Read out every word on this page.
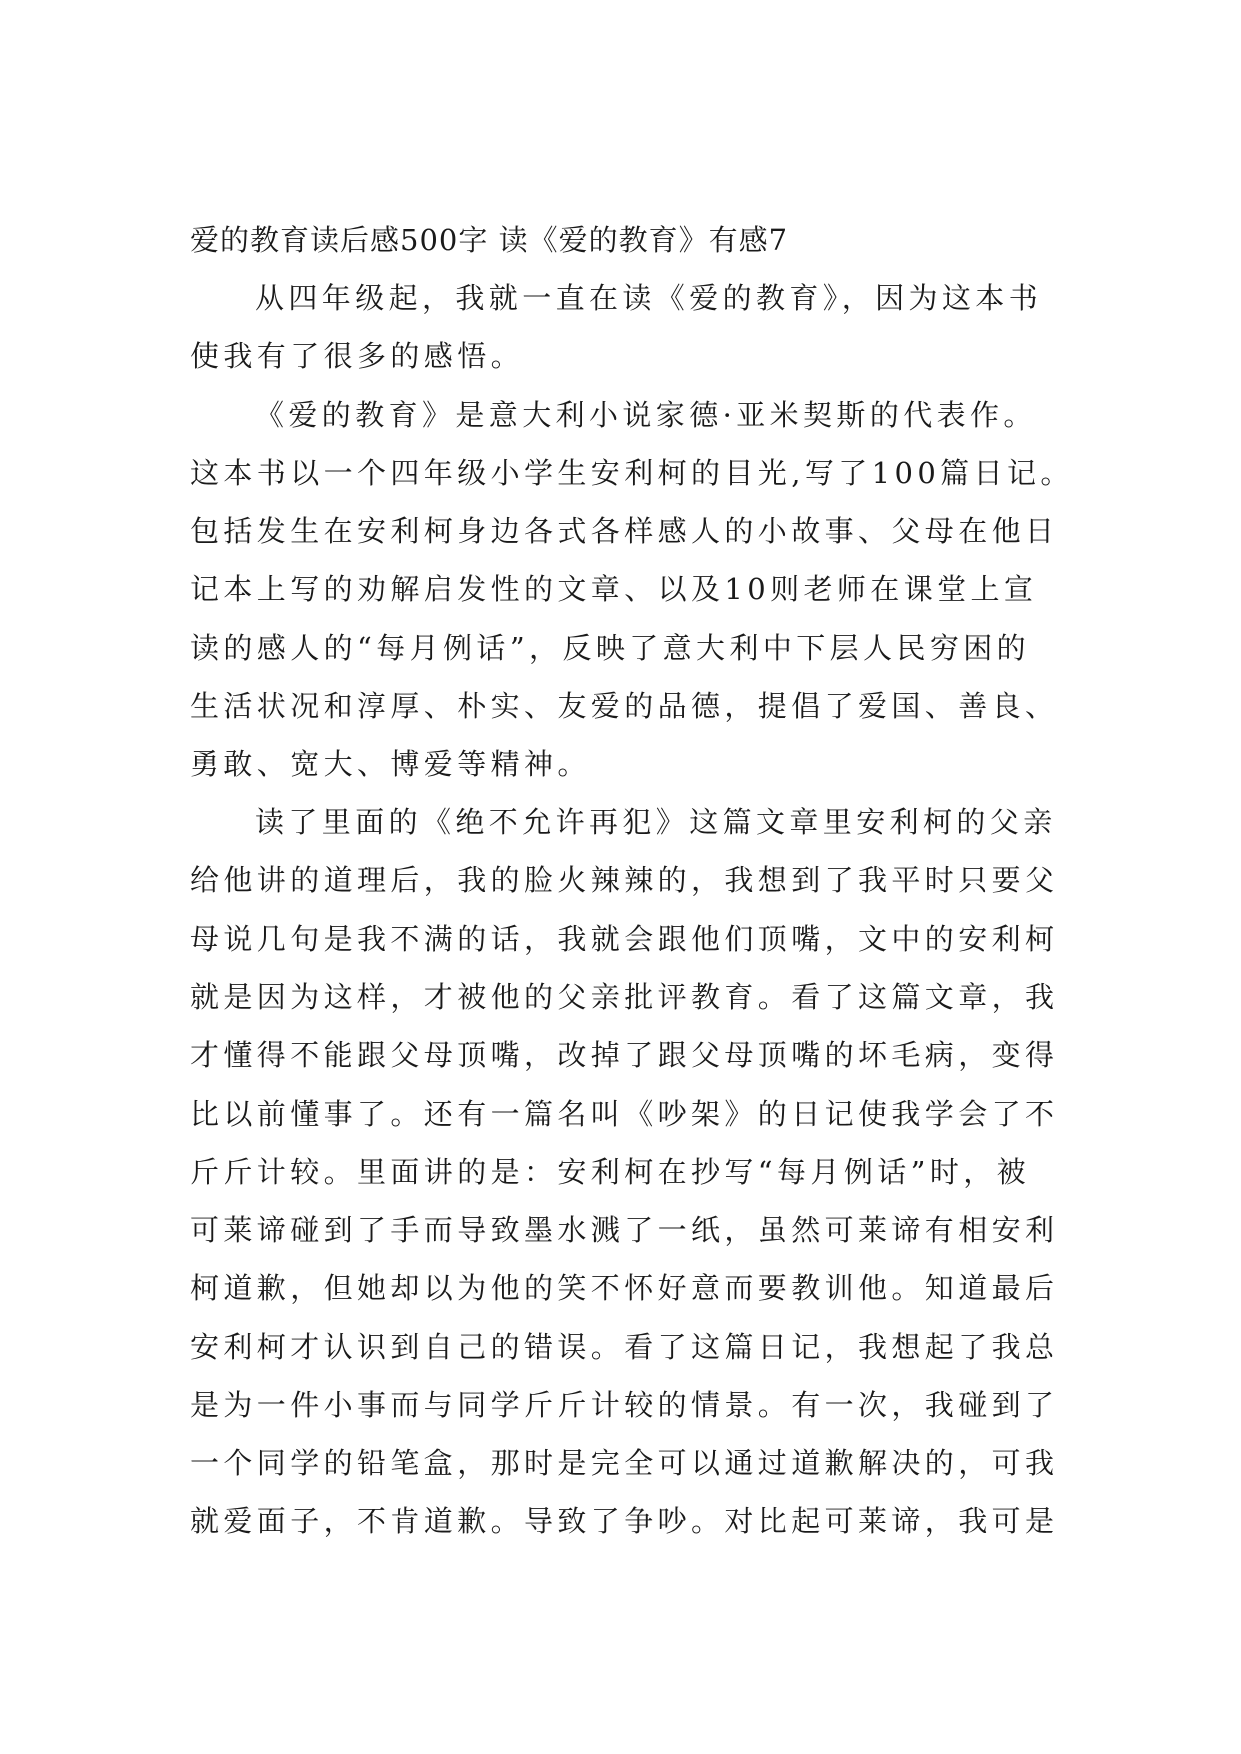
爱的教育读后感500字 读《爱的教育》有感7
从四年级起，我就一直在读《爱的教育》，因为这本书
使我有了很多的感悟。
《爱的教育》是意大利小说家德·亚米契斯的代表作。
这本书以一个四年级小学生安利柯的目光,写了100篇日记。
包括发生在安利柯身边各式各样感人的小故事、父母在他日
记本上写的劝解启发性的文章、以及10则老师在课堂上宣
读的感人的“每月例话”，反映了意大利中下层人民穷困的
生活状况和淳厚、朴实、友爱的品德，提倡了爱国、善良、
勇敢、宽大、博爱等精神。
读了里面的《绝不允许再犯》这篇文章里安利柯的父亲
给他讲的道理后，我的脸火辣辣的，我想到了我平时只要父
母说几句是我不满的话，我就会跟他们顶嘴，文中的安利柯
就是因为这样，才被他的父亲批评教育。看了这篇文章，我
才懂得不能跟父母顶嘴，改掉了跟父母顶嘴的坏毛病，变得
比以前懂事了。还有一篇名叫《吵架》的日记使我学会了不
斤斤计较。里面讲的是：安利柯在抄写“每月例话”时，被
可莱谛碰到了手而导致墨水溅了一纸，虽然可莱谛有相安利
柯道歉，但她却以为他的笑不怀好意而要教训他。知道最后
安利柯才认识到自己的错误。看了这篇日记，我想起了我总
是为一件小事而与同学斤斤计较的情景。有一次，我碰到了
一个同学的铅笔盒，那时是完全可以通过道歉解决的，可我
就爱面子，不肯道歉。导致了争吵。对比起可莱谛，我可是
